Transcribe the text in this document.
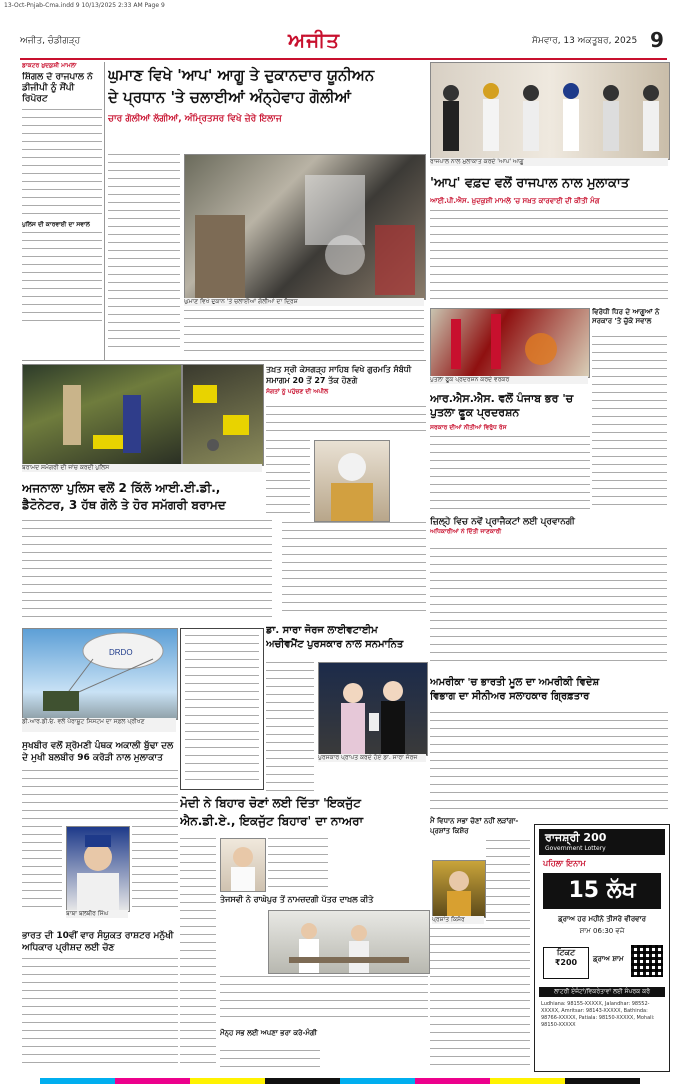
13-Oct-Pnjab-Cma.indd 9 10/13/2025 2:33 AM Page 9
ਅਜੀਤ, ਚੰਡੀਗੜ੍ਹ	ਅਜੀਤ	ਸੋਮਵਾਰ, 13 ਅਕਤੂਬਰ, 2025 9
ਡਾਕਟਰ ਖ਼ੁਦਕੁਸ਼ੀ ਮਾਮਲਾ
ਸ਼ਿੰਗਲ ਦੇ ਰਾਜਪਾਲ ਨੇ ਡੀਜੀਪੀ ਨੂੰ ਸੌਂਪੀ ਰਿਪੋਰਟ
ਪੁਲਿਸ ਦੀ ਕਾਰਵਾਈ ਦਾ ਸਵਾਲ
ਘੁਮਾਣ ਵਿਖੇ 'ਆਪ' ਆਗੂ ਤੇ ਦੁਕਾਨਦਾਰ ਯੂਨੀਅਨ
ਦੇ ਪ੍ਰਧਾਨ 'ਤੇ ਚਲਾਈਆਂ ਅੰਨ੍ਹੇਵਾਹ ਗੋਲੀਆਂ
ਚਾਰ ਗੋਲੀਆਂ ਲੱਗੀਆਂ, ਅੰਮ੍ਰਿਤਸਰ ਵਿਖੇ ਜ਼ੇਰੇ ਇਲਾਜ
ਘੁਮਾਣ ਵਿਖੇ ਦੁਕਾਨ 'ਤੇ ਚਲਾਈਆਂ ਗੋਲੀਆਂ ਦਾ ਦ੍ਰਿਸ਼
ਰਾਜਪਾਲ ਨਾਲ ਮੁਲਾਕਾਤ ਕਰਦੇ 'ਆਪ' ਆਗੂ
'ਆਪ' ਵਫ਼ਦ ਵਲੋਂ ਰਾਜਪਾਲ ਨਾਲ ਮੁਲਾਕਾਤ
ਆਈ.ਪੀ.ਐਸ. ਖ਼ੁਦਕੁਸ਼ੀ ਮਾਮਲੇ 'ਚ ਸਖ਼ਤ ਕਾਰਵਾਈ ਦੀ ਕੀਤੀ ਮੰਗ
ਬਰਾਮਦ ਸਮੱਗਰੀ ਦੀ ਜਾਂਚ ਕਰਦੀ ਪੁਲਿਸ
ਅਜਨਾਲਾ ਪੁਲਿਸ ਵਲੋਂ 2 ਕਿੱਲੋ ਆਈ.ਈ.ਡੀ.,
ਡੈਟੋਨੇਟਰ, 3 ਹੱਥ ਗੋਲੇ ਤੇ ਹੋਰ ਸਮੱਗਰੀ ਬਰਾਮਦ
ਤਖ਼ਤ ਸ੍ਰੀ ਕੇਸਗੜ੍ਹ ਸਾਹਿਬ ਵਿਖੇ ਗੁਰਮਤਿ ਸੰਬੰਧੀ ਸਮਾਗਮ 20 ਤੋਂ 27 ਤੱਕ ਹੋਣਗੇ
ਸੰਗਤਾਂ ਨੂੰ ਪਹੁੰਚਣ ਦੀ ਅਪੀਲ
ਪੁਤਲਾ ਫੂਕ ਪ੍ਰਦਰਸ਼ਨ ਕਰਦੇ ਵਰਕਰ
ਆਰ.ਐਸ.ਐਸ. ਵਲੋਂ ਪੰਜਾਬ ਭਰ 'ਚ ਪੁਤਲਾ ਫੂਕ ਪ੍ਰਦਰਸ਼ਨ
ਸਰਕਾਰ ਦੀਆਂ ਨੀਤੀਆਂ ਵਿਰੁੱਧ ਰੋਸ
ਵਿਰੋਧੀ ਧਿਰ ਦੇ ਆਗੂਆਂ ਨੇ ਸਰਕਾਰ 'ਤੇ ਚੁੱਕੇ ਸਵਾਲ
ਜ਼ਿਲ੍ਹੇ ਵਿਚ ਨਵੇਂ ਪ੍ਰਾਜੈਕਟਾਂ ਲਈ ਪ੍ਰਵਾਨਗੀ
ਅਧਿਕਾਰੀਆਂ ਨੇ ਦਿੱਤੀ ਜਾਣਕਾਰੀ
ਡਾ. ਸਾਰਾ ਜੋਰਜ ਲਾਈਵਟਾਈਮ
ਅਚੀਵਮੈਂਟ ਪੁਰਸਕਾਰ ਨਾਲ ਸਨਮਾਨਿਤ
ਪੁਰਸਕਾਰ ਪ੍ਰਾਪਤ ਕਰਦੇ ਹੋਏ ਡਾ. ਸਾਰਾ ਜੋਰਜ
DRDO
ਡੀ.ਆਰ.ਡੀ.ਓ. ਵਲੋਂ ਪੈਰਾਸ਼ੂਟ ਸਿਸਟਮ ਦਾ ਸਫ਼ਲ ਪ੍ਰੀਖਣ
ਸੁਖਬੀਰ ਵਲੋਂ ਸ਼੍ਰੋਮਣੀ ਪੰਥਕ ਅਕਾਲੀ ਬੁੱਢਾ ਦਲ ਦੇ ਮੁਖੀ ਬਲਬੀਰ 96 ਕਰੋੜੀ ਨਾਲ ਮੁਲਾਕਾਤ
ਬਾਬਾ ਬਲਬੀਰ ਸਿੰਘ
ਭਾਰਤ ਦੀ 10ਵੀਂ ਵਾਰ ਸੰਯੁਕਤ ਰਾਸ਼ਟਰ ਮਨੁੱਖੀ ਅਧਿਕਾਰ ਪ੍ਰੀਸ਼ਦ ਲਈ ਚੋਣ
ਮੋਦੀ ਨੇ ਬਿਹਾਰ ਚੋਣਾਂ ਲਈ ਦਿੱਤਾ 'ਇਕਜੁੱਟ
ਐਨ.ਡੀ.ਏ., ਇਕਜੁੱਟ ਬਿਹਾਰ' ਦਾ ਨਾਅਰਾ
ਤੇਜਸਵੀ ਨੇ ਰਾਘੋਪੁਰ ਤੋਂ ਨਾਮਜ਼ਦਗੀ ਪੱਤਰ ਦਾਖ਼ਲ ਕੀਤੇ
ਮੌਨ੍ਹ ਸਭ ਲਈ ਅਪਣਾ ਭਰਾ ਕਰੇ-ਮੰਗੀ
ਅਮਰੀਕਾ 'ਚ ਭਾਰਤੀ ਮੂਲ ਦਾ ਅਮਰੀਕੀ ਵਿਦੇਸ਼
ਵਿਭਾਗ ਦਾ ਸੀਨੀਅਰ ਸਲਾਹਕਾਰ ਗ੍ਰਿਫ਼ਤਾਰ
ਮੈਂ ਵਿਧਾਨ ਸਭਾ ਚੋਣਾਂ ਨਹੀਂ ਲੜਾਂਗਾ- ਪ੍ਰਸ਼ਾਂਤ ਕਿਸ਼ੋਰ
ਪ੍ਰਸ਼ਾਂਤ ਕਿਸ਼ੋਰ
ਰਾਜਸ਼੍ਰੀ 200
Government Lottery
ਪਹਿਲਾ ਇਨਾਮ
15 ਲੱਖ
ਡ੍ਰਾਅ ਹਰ ਮਹੀਨੇ ਤੀਸਰੇ ਵੀਰਵਾਰ
ਸ਼ਾਮ 06:30 ਵਜੇ
ਟਿਕਟ
₹200	ਡ੍ਰਾਅ ਸ਼ਾਮ
ਲਾਟਰੀ ਏਜੰਟਾਂ/ਵਿਕਰੇਤਾਵਾਂ ਲਈ ਸੰਪਰਕ ਕਰੋ
Ludhiana: 98155-XXXXX, Jalandhar: 98552-XXXXX, Amritsar: 98143-XXXXX, Bathinda: 98766-XXXXX, Patiala: 98150-XXXXX, Mohali: 98150-XXXXX
